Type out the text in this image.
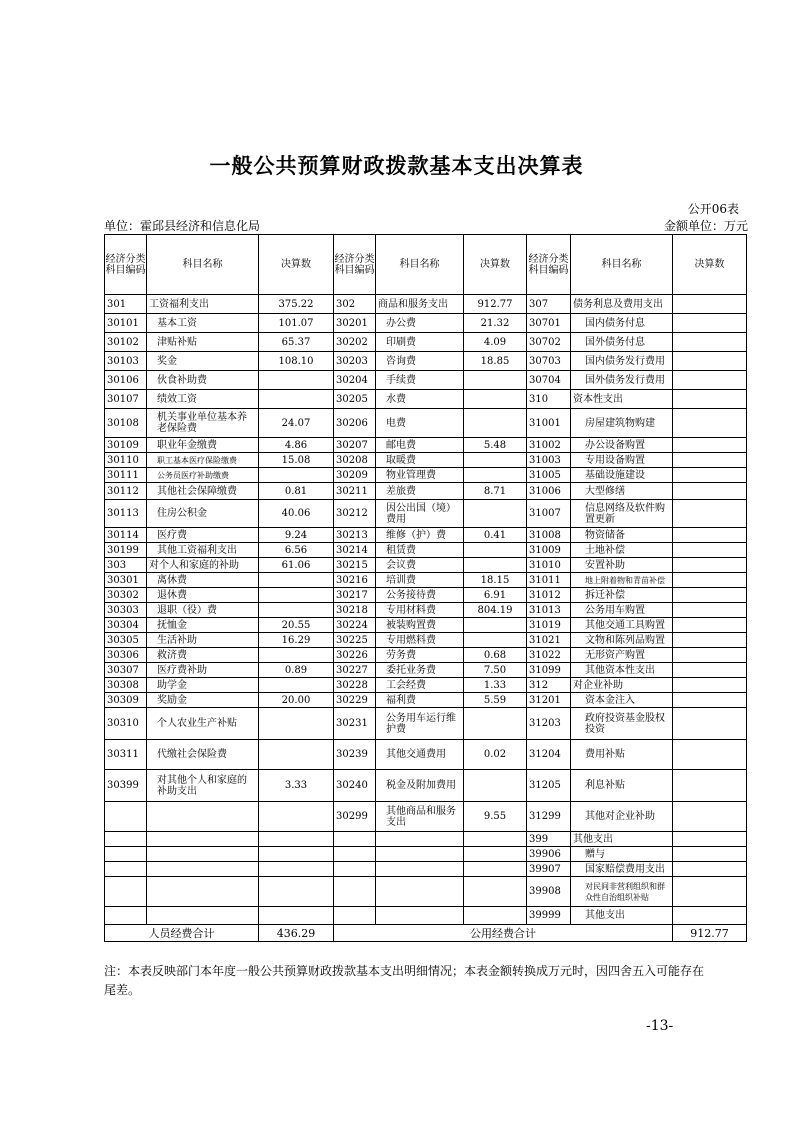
一般公共预算财政拨款基本支出决算表
公开06表
单位：霍邱县经济和信息化局	金额单位：万元
经济分类科目编码	科目名称	决算数	经济分类科目编码	科目名称	决算数	经济分类科目编码	科目名称	决算数
301	工资福利支出	375.22	302	商品和服务支出	912.77	307	债务利息及费用支出	
30101	基本工资	101.07	30201	办公费	21.32	30701	国内债务付息	
30102	津贴补贴	65.37	30202	印刷费	4.09	30702	国外债务付息	
30103	奖金	108.10	30203	咨询费	18.85	30703	国内债务发行费用	
30106	伙食补助费		30204	手续费		30704	国外债务发行费用	
30107	绩效工资		30205	水费		310	资本性支出	
30108	机关事业单位基本养老保险费	24.07	30206	电费		31001	房屋建筑物购建	
30109	职业年金缴费	4.86	30207	邮电费	5.48	31002	办公设备购置	
30110	职工基本医疗保险缴费	15.08	30208	取暖费		31003	专用设备购置	
30111	公务员医疗补助缴费		30209	物业管理费		31005	基础设施建设	
30112	其他社会保障缴费	0.81	30211	差旅费	8.71	31006	大型修缮	
30113	住房公积金	40.06	30212	因公出国（境）费用		31007	信息网络及软件购置更新	
30114	医疗费	9.24	30213	维修（护）费	0.41	31008	物资储备	
30199	其他工资福利支出	6.56	30214	租赁费		31009	土地补偿	
303	对个人和家庭的补助	61.06	30215	会议费		31010	安置补助	
30301	离休费		30216	培训费	18.15	31011	地上附着物和青苗补偿	
30302	退休费		30217	公务接待费	6.91	31012	拆迁补偿	
30303	退职（役）费		30218	专用材料费	804.19	31013	公务用车购置	
30304	抚恤金	20.55	30224	被装购置费		31019	其他交通工具购置	
30305	生活补助	16.29	30225	专用燃料费		31021	文物和陈列品购置	
30306	救济费		30226	劳务费	0.68	31022	无形资产购置	
30307	医疗费补助	0.89	30227	委托业务费	7.50	31099	其他资本性支出	
30308	助学金		30228	工会经费	1.33	312	对企业补助	
30309	奖励金	20.00	30229	福利费	5.59	31201	资本金注入	
30310	个人农业生产补贴		30231	公务用车运行维护费		31203	政府投资基金股权投资	
30311	代缴社会保险费		30239	其他交通费用	0.02	31204	费用补贴	
30399	对其他个人和家庭的补助支出	3.33	30240	税金及附加费用		31205	利息补贴	
			30299	其他商品和服务支出	9.55	31299	其他对企业补助	
						399	其他支出	
						39906	赠与	
						39907	国家赔偿费用支出	
						39908	对民间非营利组织和群众性自治组织补贴	
						39999	其他支出	
人员经费合计		436.29	公用经费合计					912.77
注：本表反映部门本年度一般公共预算财政拨款基本支出明细情况；本表金额转换成万元时，因四舍五入可能存在尾差。
-13-
